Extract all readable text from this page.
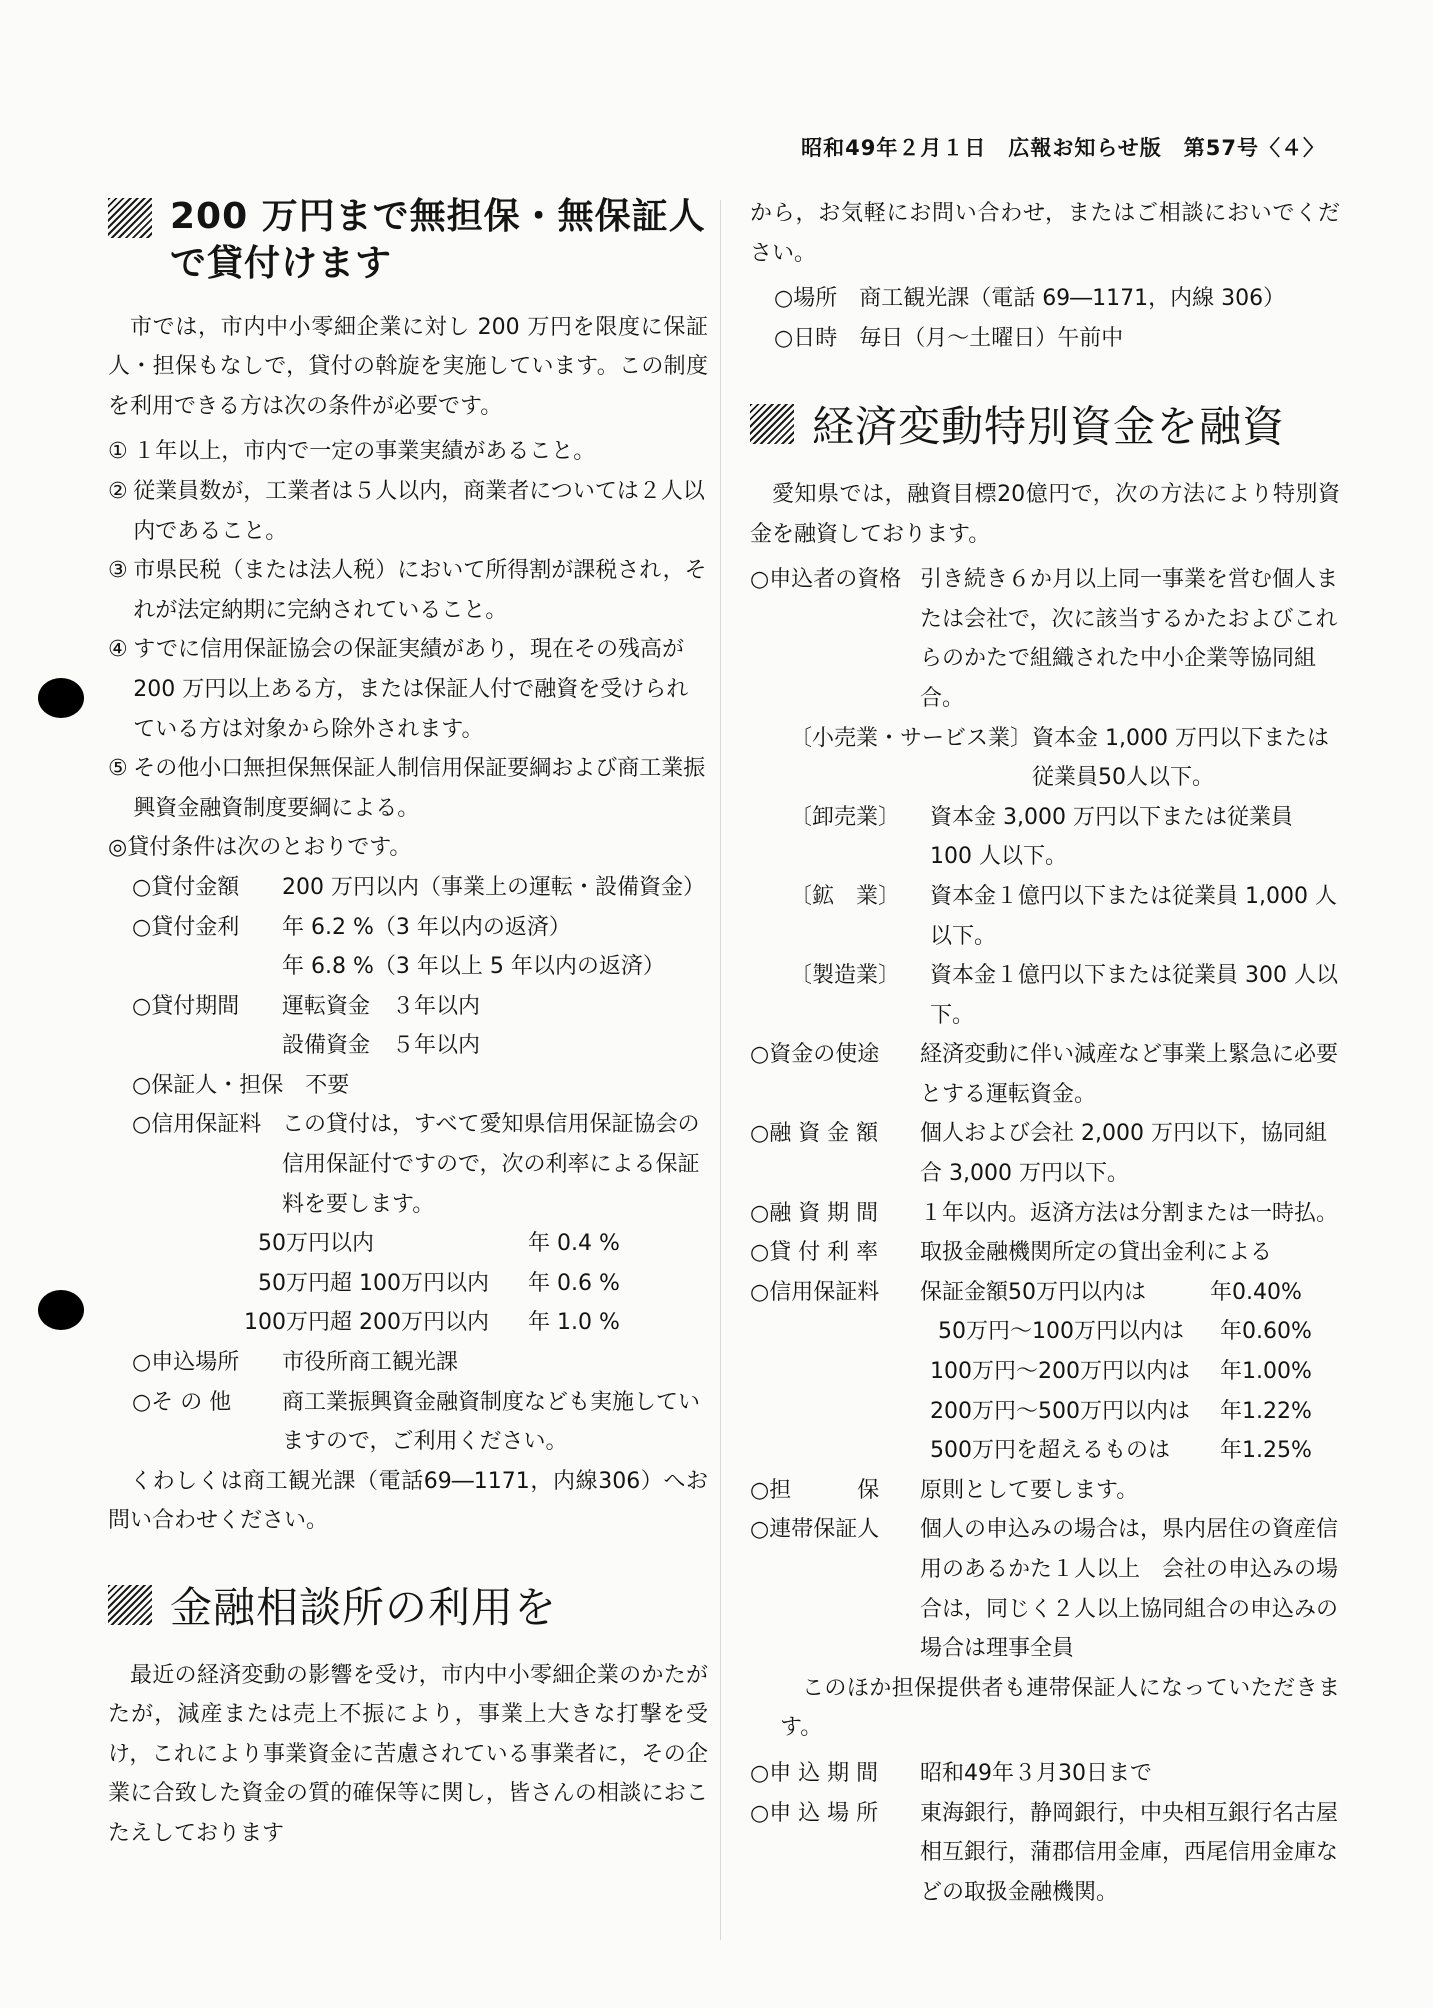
昭和49年２月１日　広報お知らせ版　第57号〈４〉
200 万円まで無担保・無保証人
で貸付けます

市では，市内中小零細企業に対し 200 万円を限度に保証人・担保もなしで，貸付の斡旋を実施しています。この制度を利用できる方は次の条件が必要です。

① １年以上，市内で一定の事業実績があること。
② 従業員数が，工業者は５人以内，商業者については２人以内であること。
③ 市県民税（または法人税）において所得割が課税され，それが法定納期に完納されていること。
④ すでに信用保証協会の保証実績があり，現在その残高が 200 万円以上ある方，または保証人付で融資を受けられている方は対象から除外されます。
⑤ その他小口無担保無保証人制信用保証要綱および商工業振興資金融資制度要綱による。

◎貸付条件は次のとおりです。

○貸付金額	200 万円以内（事業上の運転・設備資金）
○貸付金利	年 6.2 %（3 年以内の返済）
年 6.8 %（3 年以上 5 年以内の返済）
○貸付期間	運転資金　３年以内
設備資金　５年以内
○保証人・担保　不要
○信用保証料 この貸付は，すべて愛知県信用保証協会の信用保証付ですので，次の利率による保証料を要します。
50万円以内	年 0.4 %
50万円超 100万円以内	年 0.6 %
100万円超 200万円以内	年 1.0 %
○申込場所	市役所商工観光課
○そ の 他	商工業振興資金融資制度なども実施していますので，ご利用ください。

くわしくは商工観光課（電話69―1171，内線306）へお問い合わせください。

金融相談所の利用を

最近の経済変動の影響を受け，市内中小零細企業のかたがたが，減産または売上不振により，事業上大きな打撃を受け，これにより事業資金に苦慮されている事業者に，その企業に合致した資金の質的確保等に関し，皆さんの相談におこたえしております

から，お気軽にお問い合わせ，またはご相談においでください。

○場所　商工観光課（電話 69―1171，内線 306）

○日時　毎日（月～土曜日）午前中

経済変動特別資金を融資

愛知県では，融資目標20億円で，次の方法により特別資金を融資しております。

○申込者の資格 引き続き６か月以上同一事業を営む個人または会社で，次に該当するかたおよびこれらのかたで組織された中小企業等協同組合。
〔小売業・サービス業〕 資本金 1,000 万円以下または従業員50人以下。
〔卸売業〕	資本金 3,000 万円以下または従業員 100 人以下。
〔鉱　業〕	資本金１億円以下または従業員 1,000 人以下。
〔製造業〕	資本金１億円以下または従業員 300 人以下。
○資金の使途	経済変動に伴い減産など事業上緊急に必要とする運転資金。
○融 資 金 額	個人および会社 2,000 万円以下，協同組合 3,000 万円以下。
○融 資 期 間	１年以内。返済方法は分割または一時払。
○貸 付 利 率	取扱金融機関所定の貸出金利による
○信用保証料	保証金額50万円以内は	年0.40%
50万円～100万円以内は	年0.60%
100万円～200万円以内は	年1.00%
200万円～500万円以内は	年1.22%
500万円を超えるものは	年1.25%
○担　　　保	原則として要します。
○連帯保証人	個人の申込みの場合は，県内居住の資産信用のあるかた１人以上　会社の申込みの場合は，同じく２人以上協同組合の申込みの場合は理事全員

このほか担保提供者も連帯保証人になっていただきます。

○申 込 期 間	昭和49年３月30日まで
○申 込 場 所	東海銀行，静岡銀行，中央相互銀行名古屋相互銀行，蒲郡信用金庫，西尾信用金庫などの取扱金融機関。
